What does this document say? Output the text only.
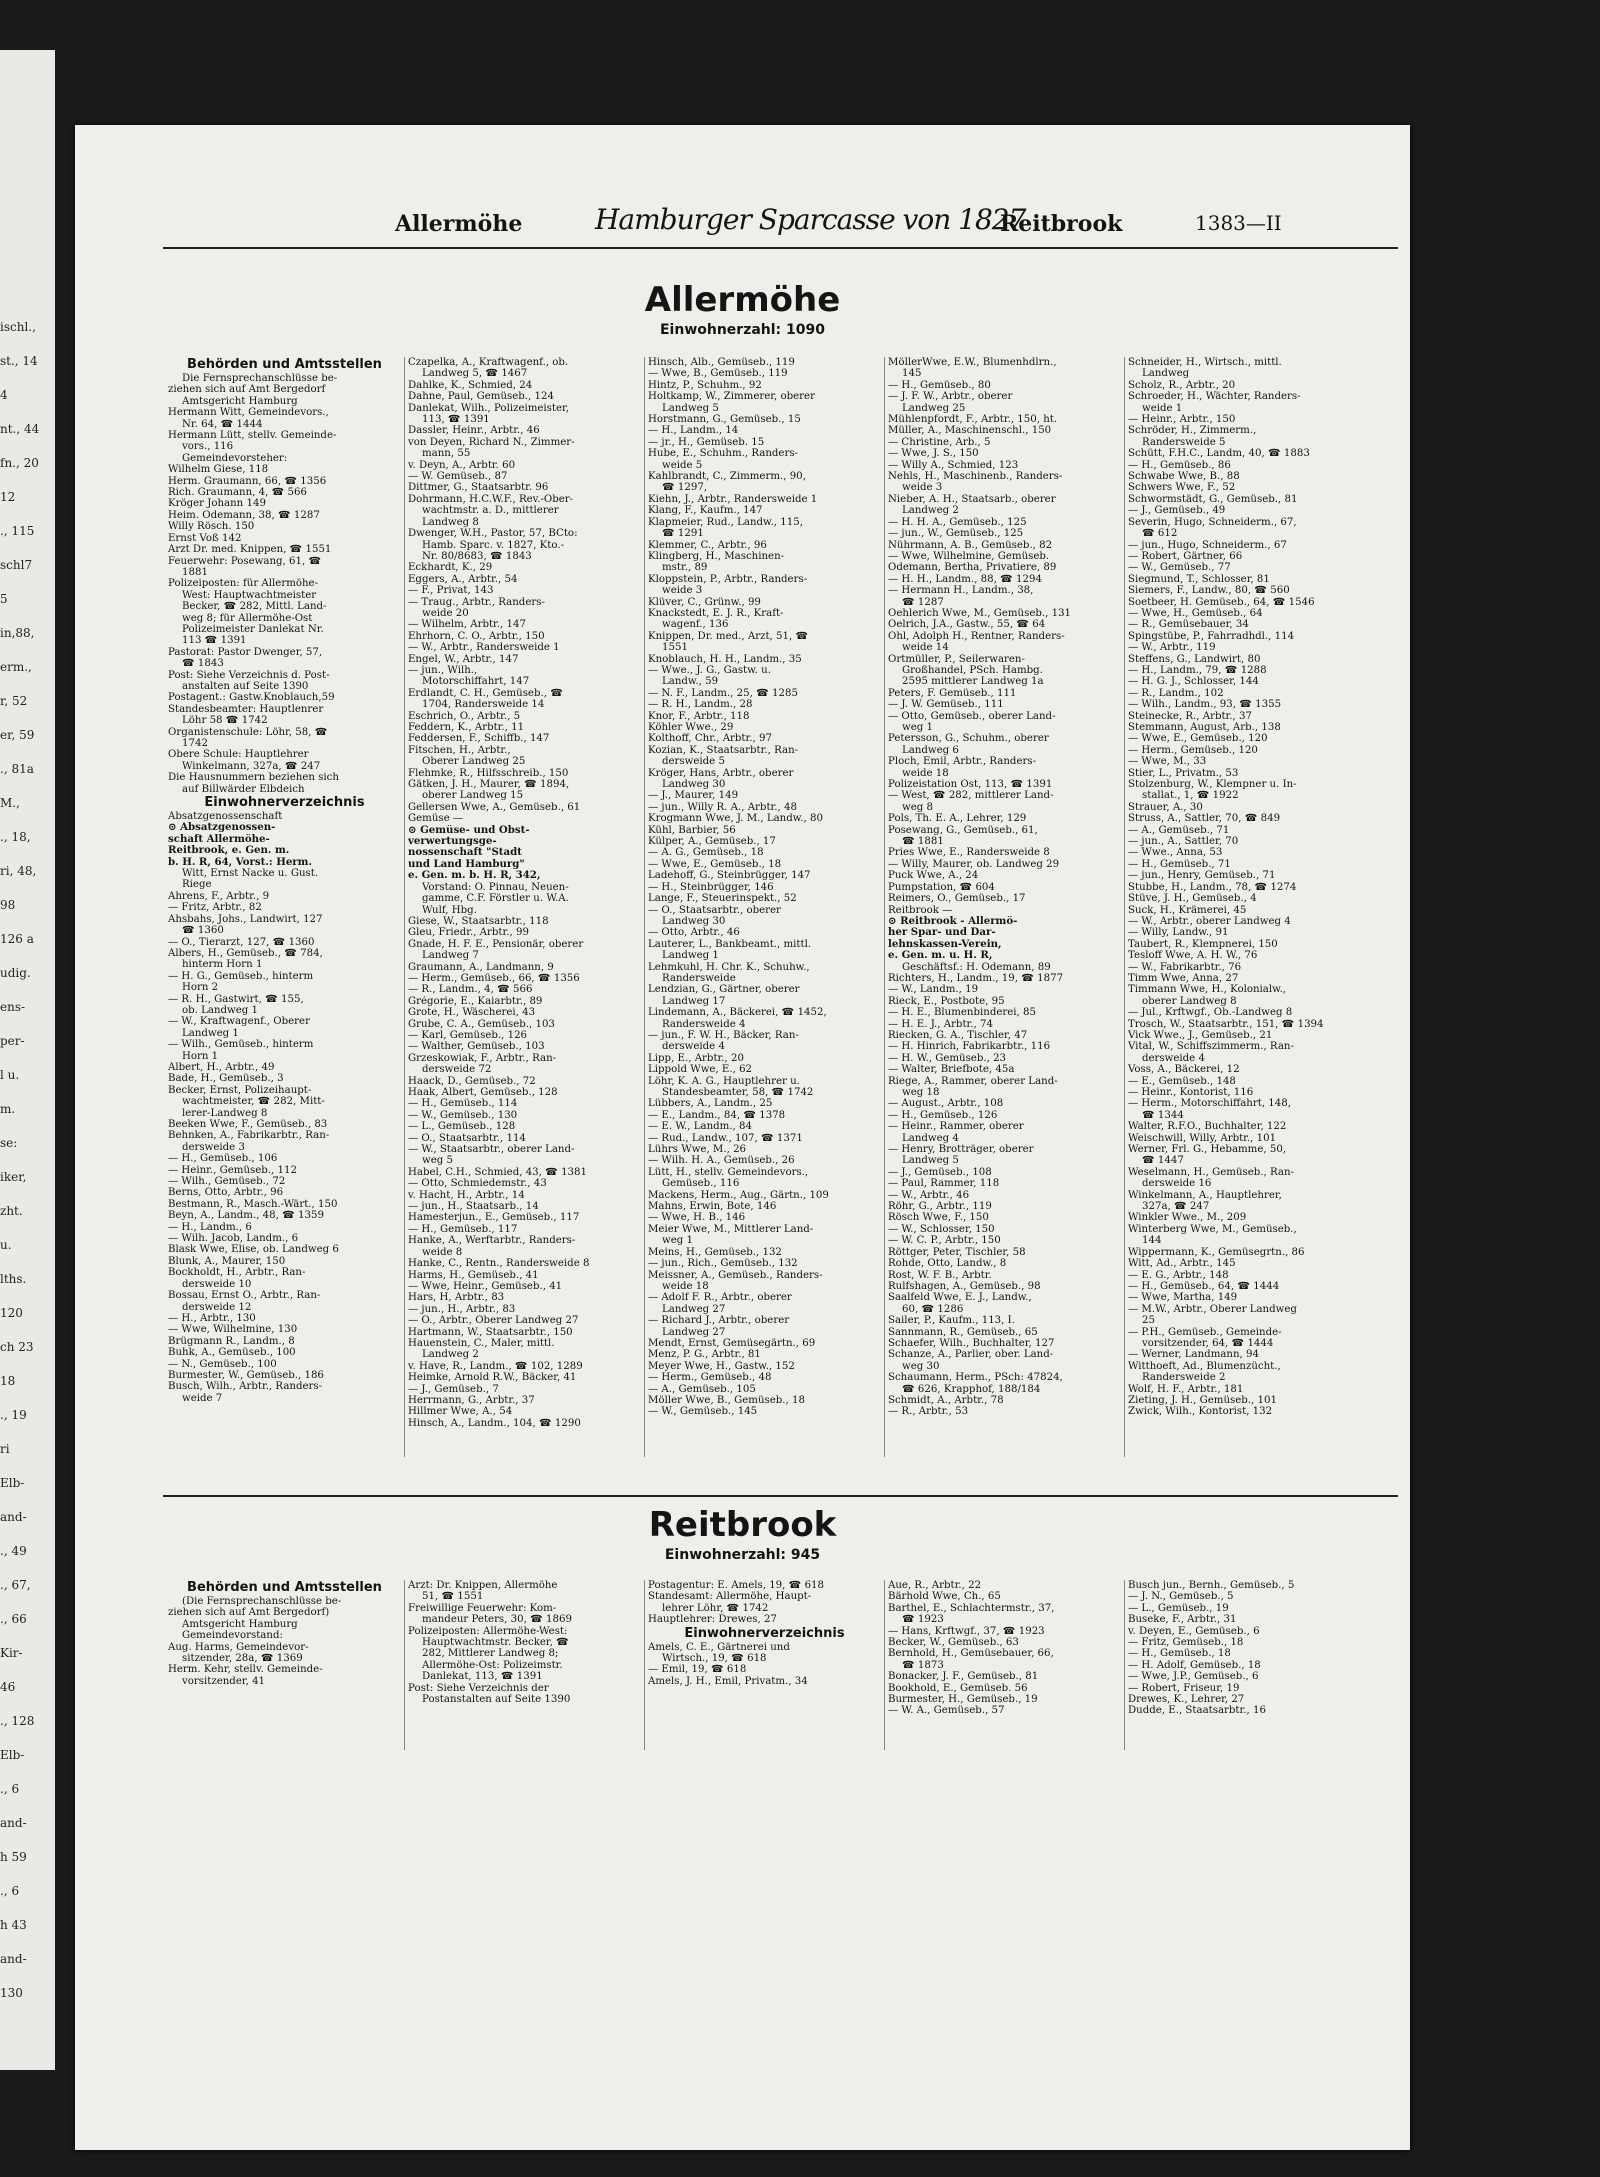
ischl.,
st., 14
4
nt., 44
fn., 20
12
., 115
schl7
5
in,88,
erm.,
r, 52
er, 59
., 81a
M.,
., 18,
ri, 48,
98
126 a
udig.
ens-
per-
l u.
m.
se:
iker,
zht.
u.
lths.
120
ch 23
18
., 19
ri
Elb-
and-
., 49
., 67,
., 66
Kir-
46
., 128
Elb-
., 6
and-
h 59
., 6
h 43
and-
130
Allermöhe	Hamburger Sparcasse von 1827
Reitbrook	1383—II
Allermöhe
Einwohnerzahl: 1090
Behörden und Amtsstellen
Die Fernsprechanschlüsse be-
ziehen sich auf Amt Bergedorf
Amtsgericht Hamburg
Hermann Witt, Gemeindevors.,
Nr. 64, ☎ 1444
Hermann Lütt, stellv. Gemeinde-
vors., 116
Gemeindevorsteher:
Wilhelm Giese, 118
Herm. Graumann, 66, ☎ 1356
Rich. Graumann, 4, ☎ 566
Kröger Johann 149
Heim. Odemann, 38, ☎ 1287
Willy Rösch. 150
Ernst Voß 142
Arzt Dr. med. Knippen, ☎ 1551
Feuerwehr: Posewang, 61, ☎
1881
Polizeiposten: für Allermöhe-
West: Hauptwachtmeister
Becker, ☎ 282, Mittl. Land-
weg 8; für Allermöhe-Ost
Polizeimeister Danlekat Nr.
113 ☎ 1391
Pastorat: Pastor Dwenger, 57,
☎ 1843
Post: Siehe Verzeichnis d. Post-
anstalten auf Seite 1390
Postagent.: Gastw.Knoblauch,59
Standesbeamter: Hauptlenrer
Löhr 58 ☎ 1742
Organistenschule: Löhr, 58, ☎
1742
Obere Schule: Hauptlehrer
Winkelmann, 327a, ☎ 247
Die Hausnummern beziehen sich
auf Billwärder Elbdeich
Einwohnerverzeichnis
Absatzgenossenschaft
⊙ Absatzgenossen-
schaft Allermöhe-
Reitbrook, e. Gen. m.
b. H. R, 64, Vorst.: Herm.
Witt, Ernst Nacke u. Gust.
Riege
Ahrens, F., Arbtr., 9
— Fritz, Arbtr., 82
Ahsbahs, Johs., Landwirt, 127
☎ 1360
— O., Tierarzt, 127, ☎ 1360
Albers, H., Gemüseb., ☎ 784,
hinterm Horn 1
— H. G., Gemüseb., hinterm
Horn 2
— R. H., Gastwirt, ☎ 155,
ob. Landweg 1
— W., Kraftwagenf., Oberer
Landweg 1
— Wilh., Gemüseb., hinterm
Horn 1
Albert, H., Arbtr., 49
Bade, H., Gemüseb., 3
Becker, Ernst, Polizeihaupt-
wachtmeister, ☎ 282, Mitt-
lerer-Landweg 8
Beeken Wwe, F., Gemüseb., 83
Behnken, A., Fabrikarbtr., Ran-
dersweide 3
— H., Gemüseb., 106
— Heinr., Gemüseb., 112
— Wilh., Gemüseb., 72
Berns, Otto, Arbtr., 96
Bestmann, R., Masch.-Wärt., 150
Beyn, A., Landm., 48, ☎ 1359
— H., Landm., 6
— Wilh. Jacob, Landm., 6
Blask Wwe, Elise, ob. Landweg 6
Blunk, A., Maurer, 150
Bockholdt, H., Arbtr., Ran-
dersweide 10
Bossau, Ernst O., Arbtr., Ran-
dersweide 12
— H., Arbtr., 130
— Wwe, Wilhelmine, 130
Brügmann R., Landm., 8
Buhk, A., Gemüseb., 100
— N., Gemüseb., 100
Burmester, W., Gemüseb., 186
Busch, Wilh., Arbtr., Randers-
weide 7
Czapelka, A., Kraftwagenf., ob.
Landweg 5, ☎ 1467
Dahlke, K., Schmied, 24
Dahne, Paul, Gemüseb., 124
Danlekat, Wilh., Polizeimeister,
113, ☎ 1391
Dassler, Heinr., Arbtr., 46
von Deyen, Richard N., Zimmer-
mann, 55
v. Deyn, A., Arbtr. 60
— W. Gemüseb., 87
Dittmer, G., Staatsarbtr. 96
Dohrmann, H.C.W.F., Rev.-Ober-
wachtmstr. a. D., mittlerer
Landweg 8
Dwenger, W.H., Pastor, 57, BCto:
Hamb. Sparc. v. 1827, Kto.-
Nr. 80/8683, ☎ 1843
Eckhardt, K., 29
Eggers, A., Arbtr., 54
— F., Privat, 143
— Traug., Arbtr., Randers-
weide 20
— Wilhelm, Arbtr., 147
Ehrhorn, C. O., Arbtr., 150
— W., Arbtr., Randersweide 1
Engel, W., Arbtr., 147
— jun., Wilh.,
Motorschiffahrt, 147
Erdlandt, C. H., Gemüseb., ☎
1704, Randersweide 14
Eschrich, O., Arbtr., 5
Feddern, K., Arbtr., 11
Feddersen, F., Schiffb., 147
Fitschen, H., Arbtr.,
Oberer Landweg 25
Flehmke, R., Hilfsschreib., 150
Gätken, J. H., Maurer, ☎ 1894,
oberer Landweg 15
Gellersen Wwe, A., Gemüseb., 61
Gemüse —
⊙ Gemüse- und Obst-
verwertungsge-
nossenschaft "Stadt
und Land Hamburg"
e. Gen. m. b. H. R, 342,
Vorstand: O. Pinnau, Neuen-
gamme, C.F. Förstler u. W.A.
Wulf, Hbg.
Giese, W., Staatsarbtr., 118
Gleu, Friedr., Arbtr., 99
Gnade, H. F. E., Pensionär, oberer
Landweg 7
Graumann, A., Landmann, 9
— Herm., Gemüseb., 66, ☎ 1356
— R., Landm., 4, ☎ 566
Grégorie, E., Kaiarbtr., 89
Grote, H., Wäscherei, 43
Grube, C. A., Gemüseb., 103
— Karl, Gemüseb., 126
— Walther, Gemüseb., 103
Grzeskowiak, F., Arbtr., Ran-
dersweide 72
Haack, D., Gemüseb., 72
Haak, Albert, Gemüseb., 128
— H., Gemüseb., 114
— W., Gemüseb., 130
— L., Gemüseb., 128
— O., Staatsarbtr., 114
— W., Staatsarbtr., oberer Land-
weg 5
Habel, C.H., Schmied, 43, ☎ 1381
— Otto, Schmiedemstr., 43
v. Hacht, H., Arbtr., 14
— jun., H., Staatsarb., 14
Hamesterjun., E., Gemüseb., 117
— H., Gemüseb., 117
Hanke, A., Werftarbtr., Randers-
weide 8
Hanke, C., Rentn., Randersweide 8
Harms, H., Gemüseb., 41
— Wwe, Heinr., Gemüseb., 41
Hars, H, Arbtr., 83
— jun., H., Arbtr., 83
— O., Arbtr., Oberer Landweg 27
Hartmann, W., Staatsarbtr., 150
Hauenstein, C., Maler, mittl.
Landweg 2
v. Have, R., Landm., ☎ 102, 1289
Heimke, Arnold R.W., Bäcker, 41
— J., Gemüseb., 7
Herrmann, G., Arbtr., 37
Hillmer Wwe, A., 54
Hinsch, A., Landm., 104, ☎ 1290
Hinsch, Alb., Gemüseb., 119
— Wwe, B., Gemüseb., 119
Hintz, P., Schuhm., 92
Holtkamp, W., Zimmerer, oberer
Landweg 5
Horstmann, G., Gemüseb., 15
— H., Landm., 14
— jr., H., Gemüseb. 15
Hube, E., Schuhm., Randers-
weide 5
Kahlbrandt, C., Zimmerm., 90,
☎ 1297,
Kiehn, J., Arbtr., Randersweide 1
Klang, F., Kaufm., 147
Klapmeier, Rud., Landw., 115,
☎ 1291
Klemmer, C., Arbtr., 96
Klingberg, H., Maschinen-
mstr., 89
Kloppstein, P., Arbtr., Randers-
weide 3
Klüver, C., Grünw., 99
Knackstedt, E. J. R., Kraft-
wagenf., 136
Knippen, Dr. med., Arzt, 51, ☎
1551
Knoblauch, H. H., Landm., 35
— Wwe., J. G., Gastw. u.
Landw., 59
— N. F., Landm., 25, ☎ 1285
— R. H., Landm., 28
Knor, F., Arbtr., 118
Köhler Wwe., 29
Kolthoff, Chr., Arbtr., 97
Kozian, K., Staatsarbtr., Ran-
dersweide 5
Kröger, Hans, Arbtr., oberer
Landweg 30
— J., Maurer, 149
— jun., Willy R. A., Arbtr., 48
Krogmann Wwe, J. M., Landw., 80
Kühl, Barbier, 56
Külper, A., Gemüseb., 17
— A. G., Gemüseb., 18
— Wwe, E., Gemüseb., 18
Ladehoff, G., Steinbrügger, 147
— H., Steinbrügger, 146
Lange, F., Steuerinspekt., 52
— O., Staatsarbtr., oberer
Landweg 30
— Otto, Arbtr., 46
Lauterer, L., Bankbeamt., mittl.
Landweg 1
Lehmkuhl, H. Chr. K., Schuhw.,
Randersweide
Lendzian, G., Gärtner, oberer
Landweg 17
Lindemann, A., Bäckerei, ☎ 1452,
Randersweide 4
— jun., F. W. H., Bäcker, Ran-
dersweide 4
Lipp, E., Arbtr., 20
Lippold Wwe, E., 62
Löhr, K. A. G., Hauptlehrer u.
Standesbeamter, 58, ☎ 1742
Lübbers, A., Landm., 25
— E., Landm., 84, ☎ 1378
— E. W., Landm., 84
— Rud., Landw., 107, ☎ 1371
Lührs Wwe, M., 26
— Wilh. H. A., Gemüseb., 26
Lütt, H., stellv. Gemeindevors.,
Gemüseb., 116
Mackens, Herm., Aug., Gärtn., 109
Mahns, Erwin, Bote, 146
— Wwe, H. B., 146
Meier Wwe, M., Mittlerer Land-
weg 1
Meins, H., Gemüseb., 132
— jun., Rich., Gemüseb., 132
Meissner, A., Gemüseb., Randers-
weide 18
— Adolf F. R., Arbtr., oberer
Landweg 27
— Richard J., Arbtr., oberer
Landweg 27
Mendt, Ernst, Gemüsegärtn., 69
Menz, P. G., Arbtr., 81
Meyer Wwe, H., Gastw., 152
— Herm., Gemüseb., 48
— A., Gemüseb., 105
Möller Wwe, B., Gemüseb., 18
— W., Gemüseb., 145
MöllerWwe, E.W., Blumenhdlrn.,
145
— H., Gemüseb., 80
— J. F. W., Arbtr., oberer
Landweg 25
Mühlenpfordt, F., Arbtr., 150, ht.
Müller, A., Maschinenschl., 150
— Christine, Arb., 5
— Wwe, J. S., 150
— Willy A., Schmied, 123
Nehls, H., Maschinenb., Randers-
weide 3
Nieber, A. H., Staatsarb., oberer
Landweg 2
— H. H. A., Gemüseb., 125
— jun., W., Gemüseb., 125
Nührmann, A. B., Gemüseb., 82
— Wwe, Wilhelmine, Gemüseb.
Odemann, Bertha, Privatiere, 89
— H. H., Landm., 88, ☎ 1294
— Hermann H., Landm., 38,
☎ 1287
Oehlerich Wwe, M., Gemüseb., 131
Oelrich, J.A., Gastw., 55, ☎ 64
Ohl, Adolph H., Rentner, Randers-
weide 14
Ortmüller, P., Seilerwaren-
Großhandel, PSch. Hambg.
2595 mittlerer Landweg 1a
Peters, F. Gemüseb., 111
— J. W. Gemüseb., 111
— Otto, Gemüseb., oberer Land-
weg 1
Petersson, G., Schuhm., oberer
Landweg 6
Ploch, Emil, Arbtr., Randers-
weide 18
Polizeistation Ost, 113, ☎ 1391
— West, ☎ 282, mittlerer Land-
weg 8
Pols, Th. E. A., Lehrer, 129
Posewang, G., Gemüseb., 61,
☎ 1881
Pries Wwe, E., Randersweide 8
— Willy, Maurer, ob. Landweg 29
Puck Wwe, A., 24
Pumpstation, ☎ 604
Reimers, O., Gemüseb., 17
Reitbrook —
⊙ Reitbrook - Allermö-
her Spar- und Dar-
lehnskassen-Verein,
e. Gen. m. u. H. R,
Geschäftsf.: H. Odemann, 89
Richters, H., Landm., 19, ☎ 1877
— W., Landm., 19
Rieck, E., Postbote, 95
— H. E., Blumenbinderei, 85
— H. E. J., Arbtr., 74
Riecken, G. A., Tischler, 47
— H. Hinrich, Fabrikarbtr., 116
— H. W., Gemüseb., 23
— Walter, Briefbote, 45a
Riege, A., Rammer, oberer Land-
weg 18
— August., Arbtr., 108
— H., Gemüseb., 126
— Heinr., Rammer, oberer
Landweg 4
— Henry, Brotträger, oberer
Landweg 5
— J., Gemüseb., 108
— Paul, Rammer, 118
— W., Arbtr., 46
Röhr, G., Arbtr., 119
Rösch Wwe, F., 150
— W., Schlosser, 150
— W. C. P., Arbtr., 150
Röttger, Peter, Tischler, 58
Rohde, Otto, Landw., 8
Rost, W. F. B., Arbtr.
Rulfshagen, A., Gemüseb., 98
Saalfeld Wwe, E. J., Landw.,
60, ☎ 1286
Sailer, P., Kaufm., 113, I.
Sannmann, R., Gemüseb., 65
Schaefer, Wilh., Buchhalter, 127
Schanze, A., Parlier, ober. Land-
weg 30
Schaumann, Herm., PSch: 47824,
☎ 626, Krapphof, 188/184
Schmidt, A., Arbtr., 78
— R., Arbtr., 53
Schneider, H., Wirtsch., mittl.
Landweg
Scholz, R., Arbtr., 20
Schroeder, H., Wächter, Randers-
weide 1
— Heinr., Arbtr., 150
Schröder, H., Zimmerm.,
Randersweide 5
Schütt, F.H.C., Landm, 40, ☎ 1883
— H., Gemüseb., 86
Schwabe Wwe, B., 88
Schwers Wwe, F., 52
Schwormstädt, G., Gemüseb., 81
— J., Gemüseb., 49
Severin, Hugo, Schneiderm., 67,
☎ 612
— jun., Hugo, Schneiderm., 67
— Robert, Gärtner, 66
— W., Gemüseb., 77
Siegmund, T., Schlosser, 81
Siemers, F., Landw., 80, ☎ 560
Soetbeer, H. Gemüseb., 64, ☎ 1546
— Wwe, H., Gemüseb., 64
— R., Gemüsebauer, 34
Spingstübe, P., Fahrradhdl., 114
— W., Arbtr., 119
Steffens, G., Landwirt, 80
— H., Landm., 79, ☎ 1288
— H. G. J., Schlosser, 144
— R., Landm., 102
— Wilh., Landm., 93, ☎ 1355
Steinecke, R., Arbtr., 37
Stemmann, August, Arb., 138
— Wwe, E., Gemüseb., 120
— Herm., Gemüseb., 120
— Wwe, M., 33
Stier, L., Privatm., 53
Stolzenburg, W., Klempner u. In-
stallat., 1, ☎ 1922
Strauer, A., 30
Struss, A., Sattler, 70, ☎ 849
— A., Gemüseb., 71
— jun., A., Sattler, 70
— Wwe., Anna, 53
— H., Gemüseb., 71
— jun., Henry, Gemüseb., 71
Stubbe, H., Landm., 78, ☎ 1274
Stüve, J. H., Gemüseb., 4
Suck, H., Krämerei, 45
— W., Arbtr., oberer Landweg 4
— Willy, Landw., 91
Taubert, R., Klempnerei, 150
Tesloff Wwe, A. H. W., 76
— W., Fabrikarbtr., 76
Timm Wwe, Anna, 27
Timmann Wwe, H., Kolonialw.,
oberer Landweg 8
— Jul., Krftwgf., Ob.-Landweg 8
Trosch, W., Staatsarbtr., 151, ☎ 1394
Vick Wwe., J., Gemüseb., 21
Vital, W., Schiffszimmerm., Ran-
dersweide 4
Voss, A., Bäckerei, 12
— E., Gemüseb., 148
— Heinr., Kontorist, 116
— Herm., Motorschiffahrt, 148,
☎ 1344
Walter, R.F.O., Buchhalter, 122
Weischwill, Willy, Arbtr., 101
Werner, Frl. G., Hebamme, 50,
☎ 1447
Weselmann, H., Gemüseb., Ran-
dersweide 16
Winkelmann, A., Hauptlehrer,
327a, ☎ 247
Winkler Wwe., M., 209
Winterberg Wwe, M., Gemüseb.,
144
Wippermann, K., Gemüsegrtn., 86
Witt, Ad., Arbtr., 145
— E. G., Arbtr., 148
— H., Gemüseb., 64, ☎ 1444
— Wwe, Martha, 149
— M.W., Arbtr., Oberer Landweg
25
— P.H., Gemüseb., Gemeinde-
vorsitzender, 64, ☎ 1444
— Werner, Landmann, 94
Witthoeft, Ad., Blumenzücht.,
Randersweide 2
Wolf, H. F., Arbtr., 181
Zieting, J. H., Gemüseb., 101
Zwick, Wilh., Kontorist, 132
Reitbrook
Einwohnerzahl: 945
Behörden und Amtsstellen
(Die Fernsprechanschlüsse be-
ziehen sich auf Amt Bergedorf)
Amtsgericht Hamburg
Gemeindevorstand:
Aug. Harms, Gemeindevor-
sitzender, 28a, ☎ 1369
Herm. Kehr, stellv. Gemeinde-
vorsitzender, 41
Arzt: Dr. Knippen, Allermöhe
51, ☎ 1551
Freiwillige Feuerwehr: Kom-
mandeur Peters, 30, ☎ 1869
Polizeiposten: Allermöhe-West:
Hauptwachtmstr. Becker, ☎
282, Mittlerer Landweg 8;
Allermöhe-Ost: Polizeimstr.
Danlekat, 113, ☎ 1391
Post: Siehe Verzeichnis der
Postanstalten auf Seite 1390
Postagentur: E. Amels, 19, ☎ 618
Standesamt: Allermöhe, Haupt-
lehrer Löhr, ☎ 1742
Hauptlehrer: Drewes, 27
Einwohnerverzeichnis
Amels, C. E., Gärtnerei und
Wirtsch., 19, ☎ 618
— Emil, 19, ☎ 618
Amels, J. H., Emil, Privatm., 34
Aue, R., Arbtr., 22
Bärhold Wwe, Ch., 65
Barthel, E., Schlachtermstr., 37,
☎ 1923
— Hans, Krftwgf., 37, ☎ 1923
Becker, W., Gemüseb., 63
Bernhold, H., Gemüsebauer, 66,
☎ 1873
Bonacker, J. F., Gemüseb., 81
Bookhold, E., Gemüseb. 56
Burmester, H., Gemüseb., 19
— W. A., Gemüseb., 57
Busch jun., Bernh., Gemüseb., 5
— J. N., Gemüseb., 5
— L., Gemüseb., 19
Buseke, F., Arbtr., 31
v. Deyen, E., Gemüseb., 6
— Fritz, Gemüseb., 18
— H., Gemüseb., 18
— H. Adolf, Gemüseb., 18
— Wwe, J.P., Gemüseb., 6
— Robert, Friseur, 19
Drewes, K., Lehrer, 27
Dudde, E., Staatsarbtr., 16
